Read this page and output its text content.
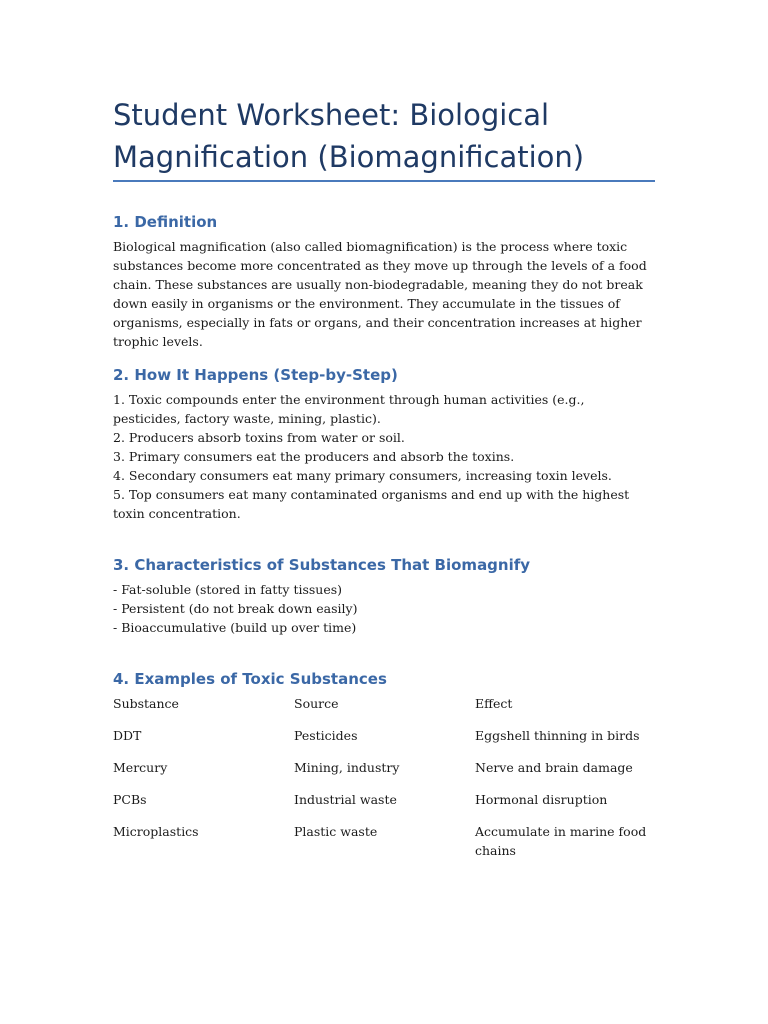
Student Worksheet: Biological Magnification (Biomagnification)
1. Definition

Biological magnification (also called biomagnification) is the process where toxic substances become more concentrated as they move up through the levels of a food chain. These substances are usually non-biodegradable, meaning they do not break down easily in organisms or the environment. They accumulate in the tissues of organisms, especially in fats or organs, and their concentration increases at higher trophic levels.

2. How It Happens (Step-by-Step)
1. Toxic compounds enter the environment through human activities (e.g., pesticides, factory waste, mining, plastic).
2. Producers absorb toxins from water or soil.
3. Primary consumers eat the producers and absorb the toxins.
4. Secondary consumers eat many primary consumers, increasing toxin levels.
5. Top consumers eat many contaminated organisms and end up with the highest toxin concentration.
3. Characteristics of Substances That Biomagnify
- Fat-soluble (stored in fatty tissues)
- Persistent (do not break down easily)
- Bioaccumulative (build up over time)
4. Examples of Toxic Substances
Substance	Source	Effect
DDT	Pesticides	Eggshell thinning in birds
Mercury	Mining, industry	Nerve and brain damage
PCBs	Industrial waste	Hormonal disruption
Microplastics	Plastic waste	Accumulate in marine food chains
